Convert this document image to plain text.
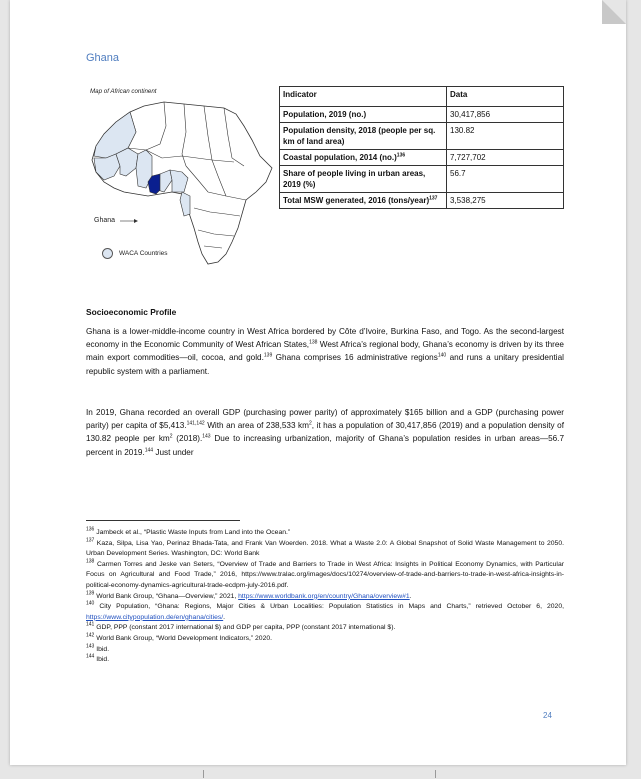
Ghana
Map of African continent
Ghana
WACA Countries
Indicator	Data
Population, 2019 (no.)	30,417,856
Population density, 2018 (people per sq. km of land area)	130.82
Coastal population, 2014 $(no.)^{136}$	7,727,702
Share of people living in urban areas, 2019 (%)	56.7
Total MSW generated, 2016 (tons/year)$^{137}$	3,538,275
Socioeconomic Profile

Ghana is a lower-middle-income country in West Africa bordered by Côte d’Ivoire, Burkina Faso, and Togo. As the second-largest economy in the Economic Community of West African States,$^{138}$ West Africa’s regional body, Ghana’s economy is driven by its three main export commodities—oil, cocoa, and gold.$^{139}$ Ghana comprises 16 administrative regions$^{140}$ and runs a unitary presidential republic system with a parliament.

In 2019, Ghana recorded an overall GDP (purchasing power parity) of approximately $165 billion and a GDP (purchasing power parity) per capita of $5,413.$^{141,142}$ With an area of 238,533 $km^2$, it has a population of 30,417,856 (2019) and a population density of 130.82 people per $km^2$ (2018).$^{143}$ Due to increasing urbanization, majority of Ghana’s population resides in urban areas—56.7 percent in 2019.$^{144}$ Just under

$^{136}$ Jambeck et al., “Plastic Waste Inputs from Land into the Ocean.”
$^{137}$ Kaza, Silpa, Lisa Yao, Perinaz Bhada-Tata, and Frank Van Woerden. 2018. What a Waste 2.0: A Global Snapshot of Solid Waste Management to 2050. Urban Development Series. Washington, DC: World Bank
$^{138}$ Carmen Torres and Jeske van Seters, “Overview of Trade and Barriers to Trade in West Africa: Insights in Political Economy Dynamics, with Particular Focus on Agricultural and Food Trade,” 2016, https://www.tralac.org/images/docs/10274/overview-of-trade-and-barriers-to-trade-in-west-africa-insights-in-political-economy-dynamics-agricultural-trade-ecdpm-july-2016.pdf.
$^{139}$ World Bank Group, “Ghana—Overview,” 2021, https://www.worldbank.org/en/country/Ghana/overview#1.
$^{140}$ City Population, “Ghana: Regions, Major Cities & Urban Localities: Population Statistics in Maps and Charts,” retrieved October 6, 2020, https://www.citypopulation.de/en/ghana/cities/.
$^{141}$ GDP, PPP (constant 2017 international $) and GDP per capita, PPP (constant 2017 international $).
$^{142}$ World Bank Group, “World Development Indicators,” 2020.
$^{143}$ Ibid.
$^{144}$ Ibid.
24
